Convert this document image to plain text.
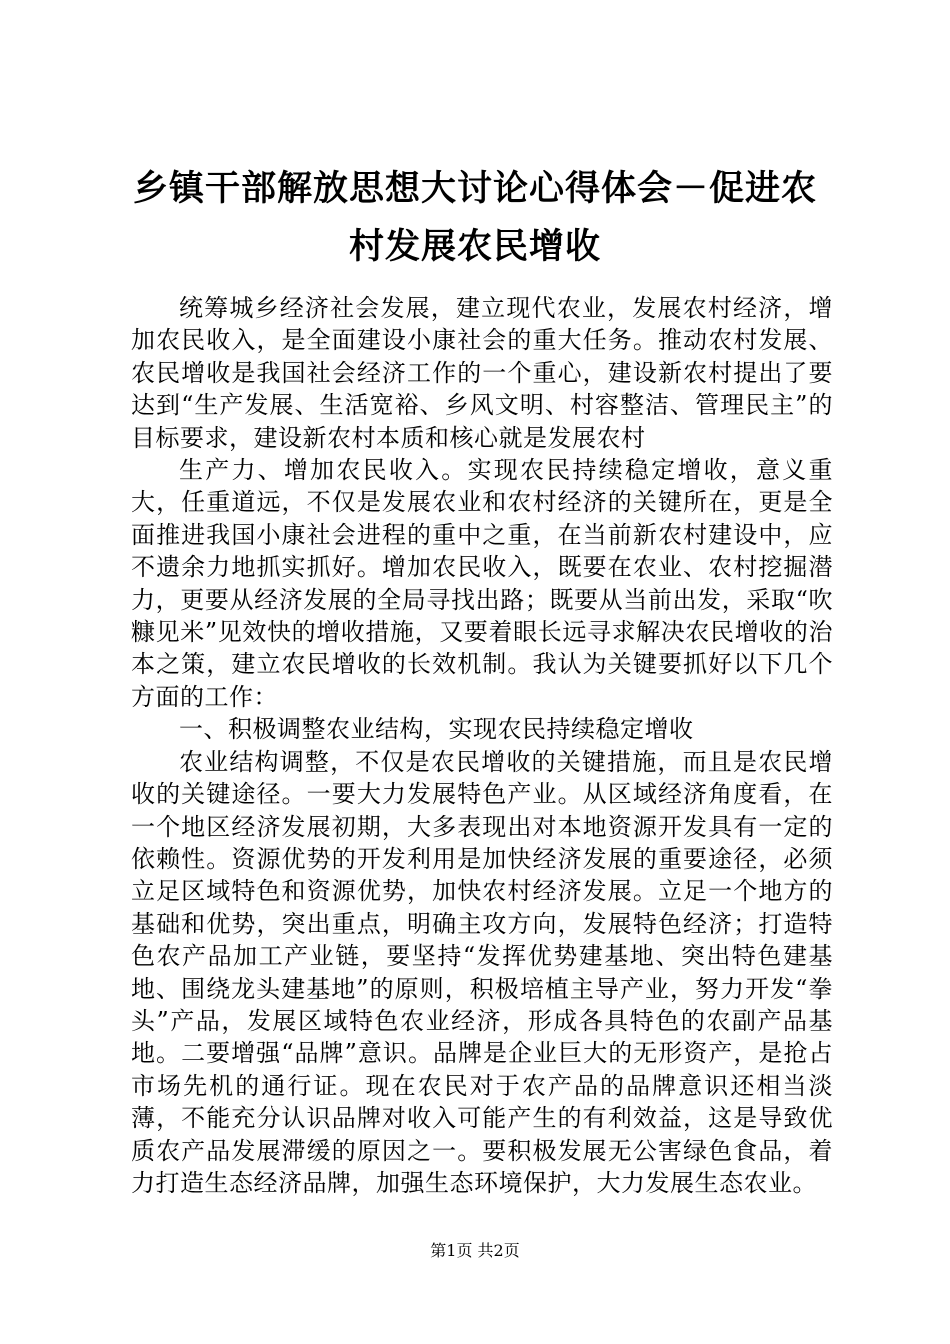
乡镇干部解放思想大讨论心得体会－促进农村发展农民增收

统筹城乡经济社会发展，建立现代农业，发展农村经济，增加农民收入，是全面建设小康社会的重大任务。推动农村发展、农民增收是我国社会经济工作的一个重心，建设新农村提出了要达到“生产发展、生活宽裕、乡风文明、村容整洁、管理民主”的目标要求，建设新农村本质和核心就是发展农村

生产力、增加农民收入。实现农民持续稳定增收，意义重大，任重道远，不仅是发展农业和农村经济的关键所在，更是全面推进我国小康社会进程的重中之重，在当前新农村建设中，应不遗余力地抓实抓好。增加农民收入，既要在农业、农村挖掘潜力，更要从经济发展的全局寻找出路；既要从当前出发，采取“吹糠见米”见效快的增收措施，又要着眼长远寻求解决农民增收的治本之策，建立农民增收的长效机制。我认为关键要抓好以下几个方面的工作：

一、积极调整农业结构，实现农民持续稳定增收

农业结构调整，不仅是农民增收的关键措施，而且是农民增收的关键途径。一要大力发展特色产业。从区域经济角度看，在一个地区经济发展初期，大多表现出对本地资源开发具有一定的依赖性。资源优势的开发利用是加快经济发展的重要途径，必须立足区域特色和资源优势，加快农村经济发展。立足一个地方的基础和优势，突出重点，明确主攻方向，发展特色经济；打造特色农产品加工产业链，要坚持“发挥优势建基地、突出特色建基地、围绕龙头建基地”的原则，积极培植主导产业，努力开发“拳头”产品，发展区域特色农业经济，形成各具特色的农副产品基地。二要增强“品牌”意识。品牌是企业巨大的无形资产，是抢占市场先机的通行证。现在农民对于农产品的品牌意识还相当淡薄，不能充分认识品牌对收入可能产生的有利效益，这是导致优质农产品发展滞缓的原因之一。要积极发展无公害绿色食品，着力打造生态经济品牌，加强生态环境保护，大力发展生态农业。

第1页 共2页
